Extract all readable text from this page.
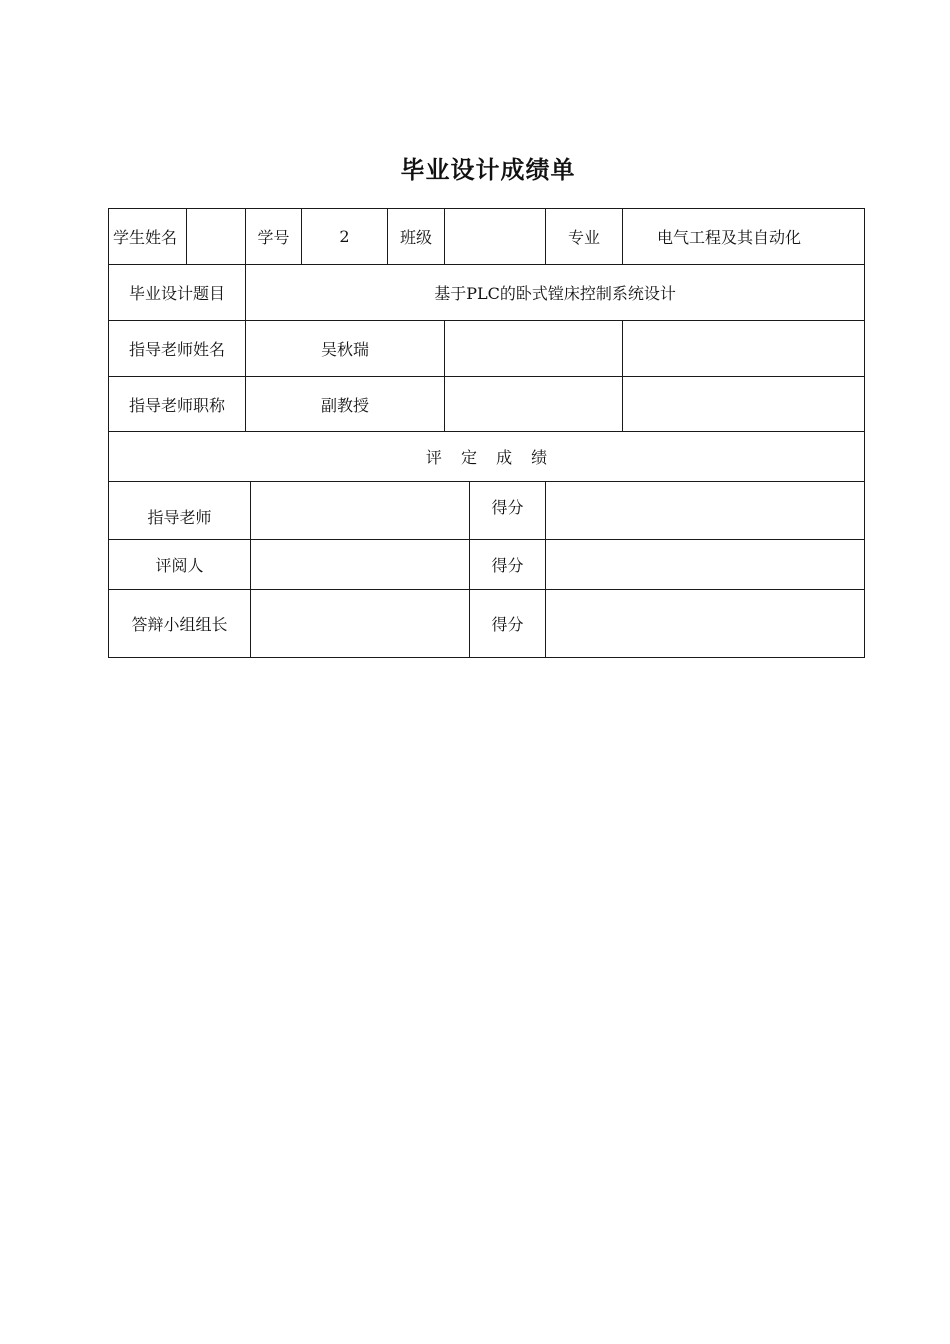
毕业设计成绩单
学生姓名		学号		2	班级			专业	电气工程及其自动化
毕业设计题目		基于PLC的卧式镗床控制系统设计							
指导老师姓名		吴秋瑞							
指导老师职称		副教授							
评 定 成 绩									
指导老师							得分		
评阅人							得分		
答辩小组组长							得分		
